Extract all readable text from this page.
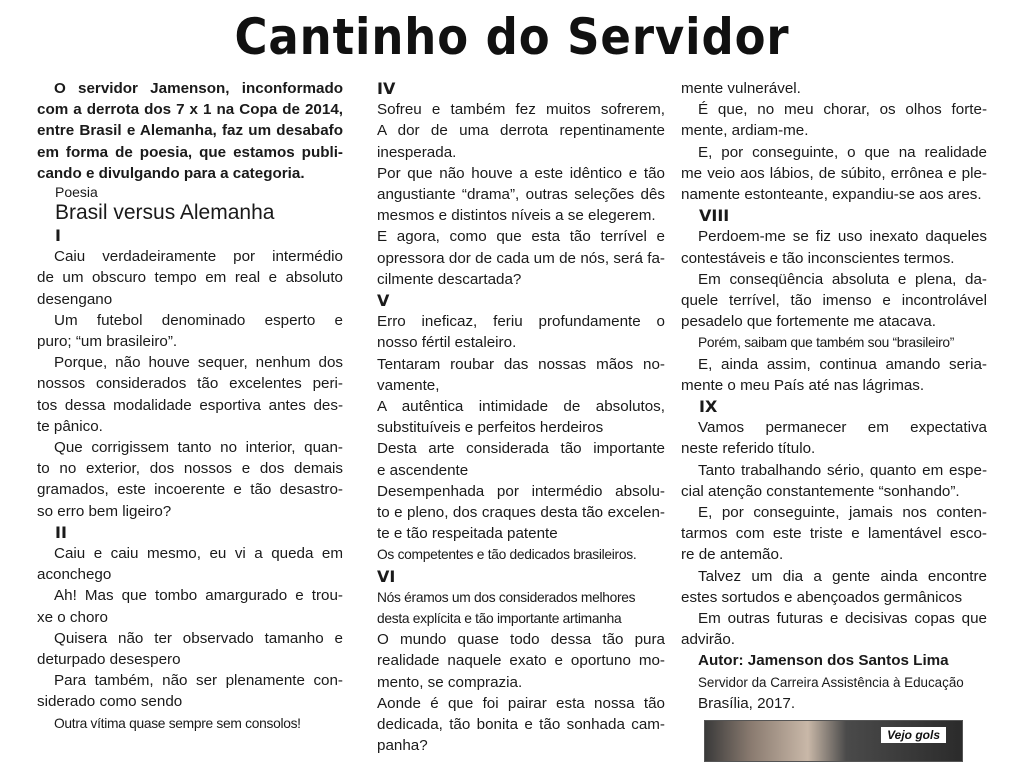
Cantinho do Servidor

O servidor Jamenson, inconformado

com a derrota dos 7 x 1 na Copa de 2014,

entre Brasil e Alemanha, faz um desabafo

em forma de poesia, que estamos publi-

cando e divulgando para a categoria.

Poesia

Brasil versus Alemanha

I

Caiu verdadeiramente por intermédio

de um obscuro tempo em real e absoluto

desengano

Um futebol denominado esperto e

puro; “um brasileiro”.

Porque, não houve sequer, nenhum dos

nossos considerados tão excelentes peri-

tos dessa modalidade esportiva antes des-

te pânico.

Que corrigissem tanto no interior, quan-

to no exterior, dos nossos e dos demais

gramados, este incoerente e tão desastro-

so erro bem ligeiro?

II

Caiu e caiu mesmo, eu vi a queda em

aconchego

Ah! Mas que tombo amargurado e trou-

xe o choro

Quisera não ter observado tamanho e

deturpado desespero

Para também, não ser plenamente con-

siderado como sendo

Outra vítima quase sempre sem consolos!

IV

Sofreu e também fez muitos sofrerem,

A dor de uma derrota repentinamente

inesperada.

Por que não houve a este idêntico e tão

angustiante “drama”, outras seleções dês

mesmos e distintos níveis a se elegerem.

E agora, como que esta tão terrível e

opressora dor de cada um de nós, será fa-

cilmente descartada?

V

Erro ineficaz, feriu profundamente o

nosso fértil estaleiro.

Tentaram roubar das nossas mãos no-

vamente,

A autêntica intimidade de absolutos,

substituíveis e perfeitos herdeiros

Desta arte considerada tão importante

e ascendente

Desempenhada por intermédio absolu-

to e pleno, dos craques desta tão excelen-

te e tão respeitada patente

Os competentes e tão dedicados brasileiros.

VI

Nós éramos um dos considerados melhores

desta explícita e tão importante artimanha

O mundo quase todo dessa tão pura

realidade naquele exato e oportuno mo-

mento, se comprazia.

Aonde é que foi pairar esta nossa tão

dedicada, tão bonita e tão sonhada cam-

panha?

mente vulnerável.

É que, no meu chorar, os olhos forte-

mente, ardiam-me.

E, por conseguinte, o que na realidade

me veio aos lábios, de súbito, errônea e ple-

namente estonteante, expandiu-se aos ares.

VIII

Perdoem-me se fiz uso inexato daqueles

contestáveis e tão inconscientes termos.

Em conseqüência absoluta e plena, da-

quele terrível, tão imenso e incontrolável

pesadelo que fortemente me atacava.

Porém, saibam que também sou “brasileiro”

E, ainda assim, continua amando seria-

mente o meu País até nas lágrimas.

IX

Vamos permanecer em expectativa

neste referido título.

Tanto trabalhando sério, quanto em espe-

cial atenção constantemente “sonhando”.

E, por conseguinte, jamais nos conten-

tarmos com este triste e lamentável esco-

re de antemão.

Talvez um dia a gente ainda encontre

estes sortudos e abençoados germânicos

Em outras futuras e decisivas copas que

advirão.

Autor: Jamenson dos Santos Lima

Servidor da Carreira Assistência à Educação

Brasília, 2017.

Vejo gols
